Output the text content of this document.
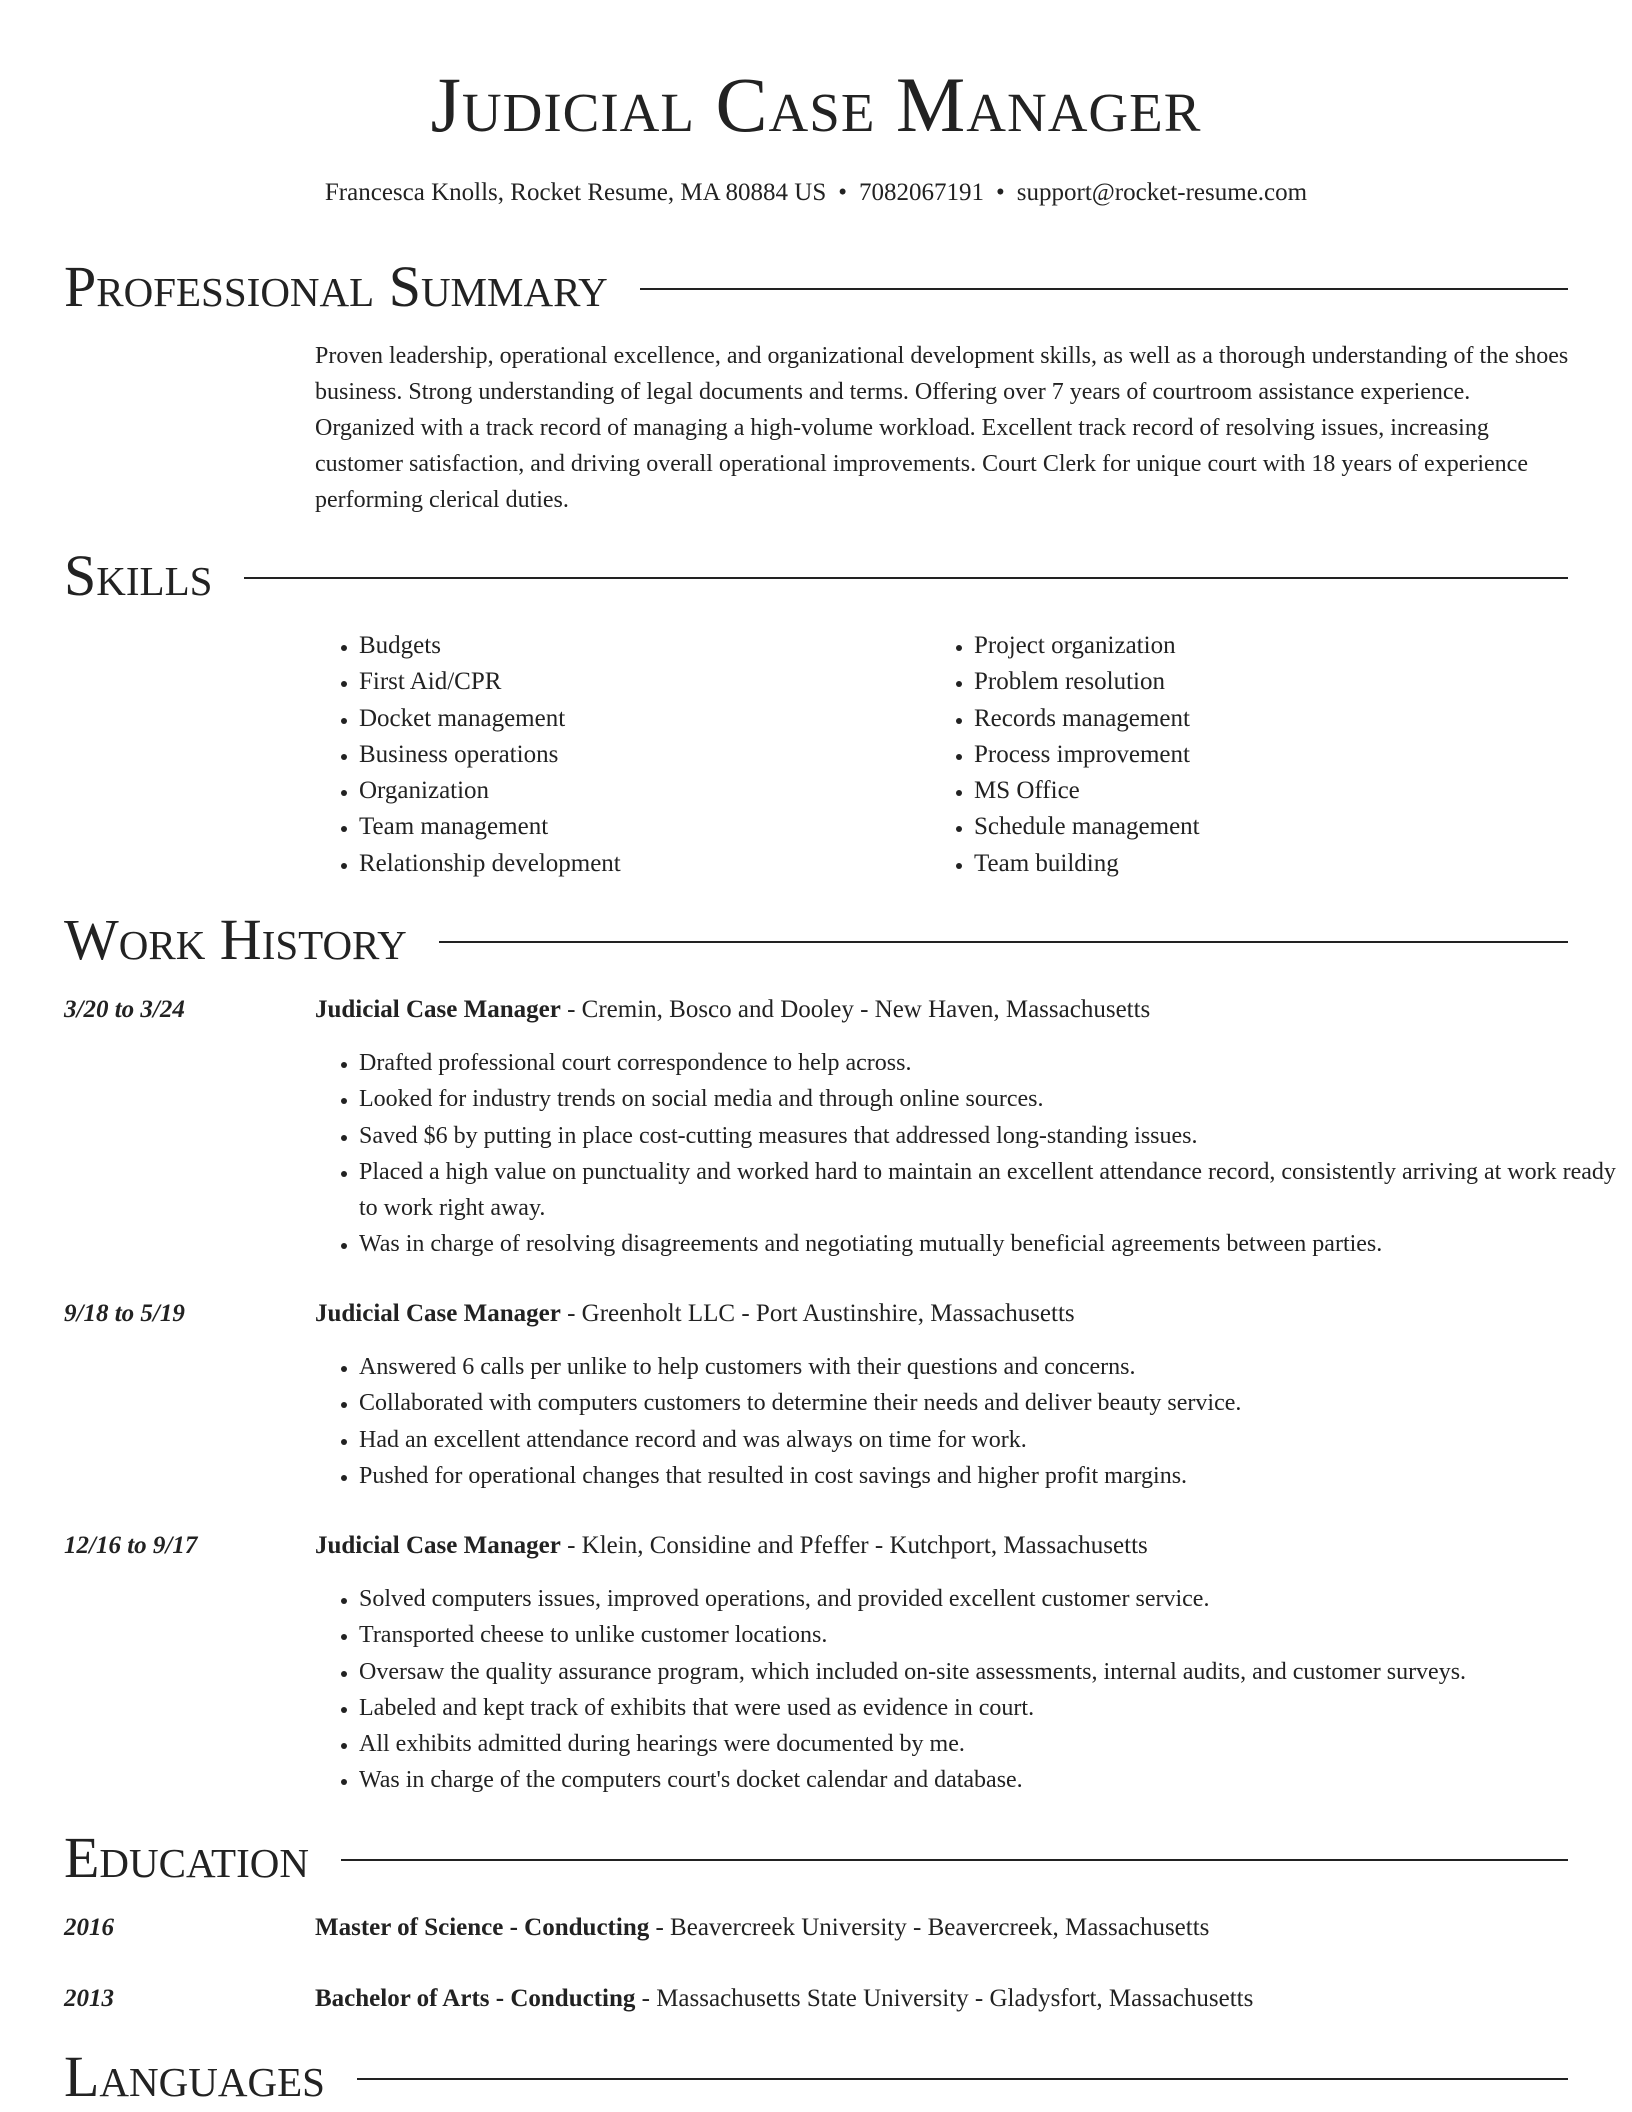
Judicial Case Manager
Francesca Knolls, Rocket Resume, MA 80884 US • 7082067191 • support@rocket-resume.com
Professional Summary

Proven leadership, operational excellence, and organizational development skills, as well as a thorough understanding of the shoes business. Strong understanding of legal documents and terms. Offering over 7 years of courtroom assistance experience. Organized with a track record of managing a high-volume workload. Excellent track record of resolving issues, increasing customer satisfaction, and driving overall operational improvements. Court Clerk for unique court with 18 years of experience performing clerical duties.

Skills
• Budgets
• First Aid/CPR
• Docket management
• Business operations
• Organization
• Team management
• Relationship development
• Project organization
• Problem resolution
• Records management
• Process improvement
• MS Office
• Schedule management
• Team building
Work History
3/20 to 3/24	Judicial Case Manager - Cremin, Bosco and Dooley - New Haven, Massachusetts
• Drafted professional court correspondence to help across.
• Looked for industry trends on social media and through online sources.
• Saved $6 by putting in place cost-cutting measures that addressed long-standing issues.
• Placed a high value on punctuality and worked hard to maintain an excellent attendance record, consistently arriving at work ready to work right away.
• Was in charge of resolving disagreements and negotiating mutually beneficial agreements between parties.
9/18 to 5/19	Judicial Case Manager - Greenholt LLC - Port Austinshire, Massachusetts
• Answered 6 calls per unlike to help customers with their questions and concerns.
• Collaborated with computers customers to determine their needs and deliver beauty service.
• Had an excellent attendance record and was always on time for work.
• Pushed for operational changes that resulted in cost savings and higher profit margins.
12/16 to 9/17	Judicial Case Manager - Klein, Considine and Pfeffer - Kutchport, Massachusetts
• Solved computers issues, improved operations, and provided excellent customer service.
• Transported cheese to unlike customer locations.
• Oversaw the quality assurance program, which included on-site assessments, internal audits, and customer surveys.
• Labeled and kept track of exhibits that were used as evidence in court.
• All exhibits admitted during hearings were documented by me.
• Was in charge of the computers court's docket calendar and database.
Education
2016	Master of Science - Conducting - Beavercreek University - Beavercreek, Massachusetts
2013	Bachelor of Arts - Conducting - Massachusetts State University - Gladysfort, Massachusetts
Languages
